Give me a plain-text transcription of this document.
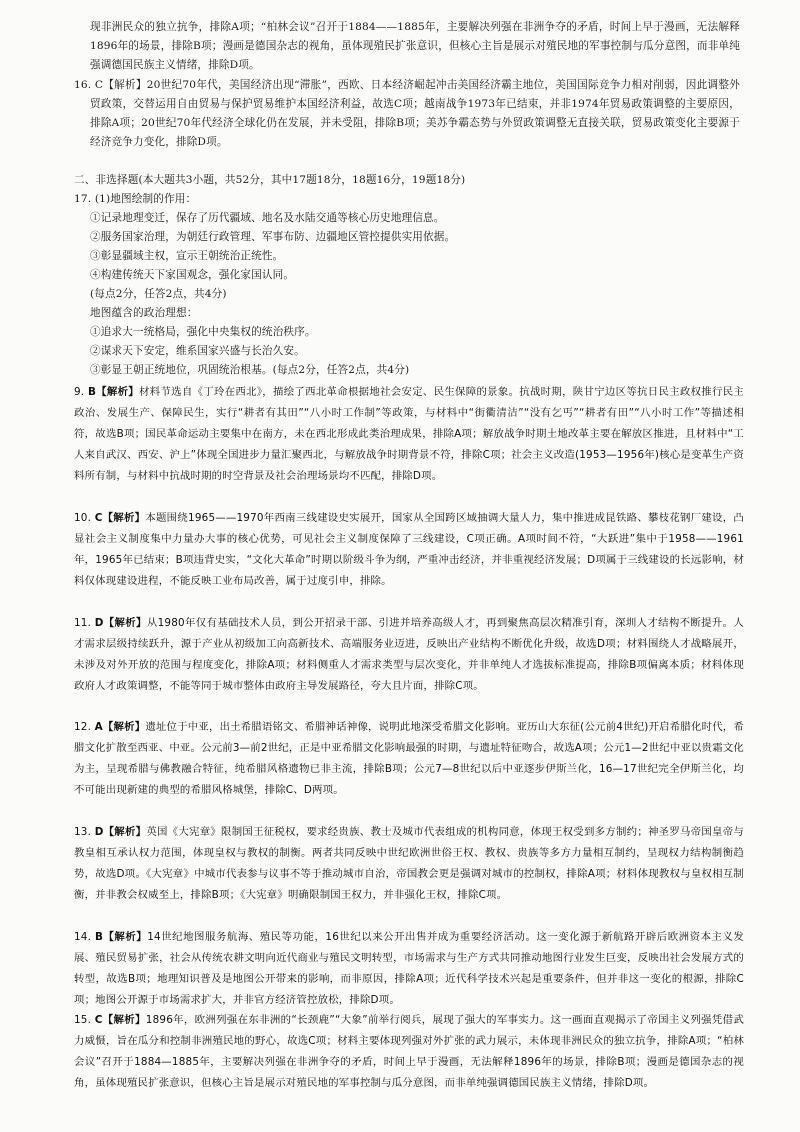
现非洲民众的独立抗争，排除A项；“柏林会议”召开于1884——1885年，主要解决列强在非洲争夺的矛盾，时间上早于漫画，无法解释1896年的场景，排除B项；漫画是德国杂志的视角，虽体现殖民扩张意识，但核心主旨是展示对殖民地的军事控制与瓜分意图，而非单纯强调德国民族主义情绪，排除D项。

16. C【解析】20世纪70年代，美国经济出现“滞胀”，西欧、日本经济崛起冲击美国经济霸主地位，美国国际竞争力相对削弱，因此调整外贸政策，交替运用自由贸易与保护贸易维护本国经济利益，故选C项；越南战争1973年已结束，并非1974年贸易政策调整的主要原因，排除A项；20世纪70年代经济全球化仍在发展，并未受阻，排除B项；美苏争霸态势与外贸政策调整无直接关联，贸易政策变化主要源于经济竞争力变化，排除D项。

二、非选择题(本大题共3小题，共52分，其中17题18分，18题16分，19题18分)

17. (1)地图绘制的作用：

①记录地理变迁，保存了历代疆域、地名及水陆交通等核心历史地理信息。

②服务国家治理，为朝廷行政管理、军事布防、边疆地区管控提供实用依据。

③彰显疆域主权，宣示王朝统治正统性。

④构建传统天下家国观念，强化家国认同。

(每点2分，任答2点，共4分)

地图蕴含的政治理想：

①追求大一统格局，强化中央集权的统治秩序。

②谋求天下安定，维系国家兴盛与长治久安。

③彰显王朝正统地位，巩固统治根基。(每点2分，任答2点，共4分)

9. B【解析】材料节选自《丁玲在西北》，描绘了西北革命根据地社会安定、民生保障的景象。抗战时期，陕甘宁边区等抗日民主政权推行民主政治、发展生产、保障民生，实行“耕者有其田”“八小时工作制”等政策，与材料中“街衢清洁”“没有乞丐”“耕者有田”“八小时工作”等描述相符，故选B项；国民革命运动主要集中在南方，未在西北形成此类治理成果，排除A项；解放战争时期土地改革主要在解放区推进，且材料中“工人来自武汉、西安、沪上”体现全国进步力量汇聚西北，与解放战争时期背景不符，排除C项；社会主义改造(1953—1956年)核心是变革生产资料所有制，与材料中抗战时期的时空背景及社会治理场景均不匹配，排除D项。
10. C【解析】本题围绕1965——1970年西南三线建设史实展开，国家从全国跨区域抽调大量人力，集中推进成昆铁路、攀枝花钢厂建设，凸显社会主义制度集中力量办大事的核心优势，可见社会主义制度保障了三线建设，C项正确。A项时间不符，“大跃进”集中于1958——1961年，1965年已结束；B项违背史实，“文化大革命”时期以阶级斗争为纲，严重冲击经济，并非重视经济发展；D项属于三线建设的长远影响，材料仅体现建设进程，不能反映工业布局改善，属于过度引申，排除。
11. D【解析】从1980年仅有基础技术人员，到公开招录干部、引进并培养高级人才，再到聚焦高层次精准引育，深圳人才结构不断提升。人才需求层级持续跃升，源于产业从初级加工向高新技术、高端服务业迈进，反映出产业结构不断优化升级，故选D项；材料围绕人才战略展开，未涉及对外开放的范围与程度变化，排除A项；材料侧重人才需求类型与层次变化，并非单纯人才选拔标准提高，排除B项偏离本质；材料体现政府人才政策调整，不能等同于城市整体由政府主导发展路径，夸大且片面，排除C项。
12. A【解析】遗址位于中亚，出土希腊语铭文、希腊神话神像，说明此地深受希腊文化影响。亚历山大东征(公元前4世纪)开启希腊化时代，希腊文化扩散至西亚、中亚。公元前3—前2世纪，正是中亚希腊文化影响最强的时期，与遗址特征吻合，故选A项；公元1—2世纪中亚以贵霜文化为主，呈现希腊与佛教融合特征，纯希腊风格遗物已非主流，排除B项；公元7—8世纪以后中亚逐步伊斯兰化，16—17世纪完全伊斯兰化，均不可能出现新建的典型的希腊风格城堡，排除C、D两项。
13. D【解析】英国《大宪章》限制国王征税权，要求经贵族、教士及城市代表组成的机构同意，体现王权受到多方制约；神圣罗马帝国皇帝与教皇相互承认权力范围，体现皇权与教权的制衡。两者共同反映中世纪欧洲世俗王权、教权、贵族等多方力量相互制约，呈现权力结构制衡趋势，故选D项。《大宪章》中城市代表参与议事不等于推动城市自治，帝国教会更是强调对城市的控制权，排除A项；材料体现教权与皇权相互制衡，并非教会权威至上，排除B项；《大宪章》明确限制国王权力，并非强化王权，排除C项。
14. B【解析】14世纪地图服务航海、殖民等功能，16世纪以来公开出售并成为重要经济活动。这一变化源于新航路开辟后欧洲资本主义发展、殖民贸易扩张，社会从传统农耕文明向近代商业与殖民文明转型，市场需求与生产方式共同推动地图行业发生巨变，反映出社会发展方式的转型，故选B项；地理知识普及是地图公开带来的影响，而非原因，排除A项；近代科学技术兴起是重要条件，但并非这一变化的根源，排除C项；地图公开源于市场需求扩大，并非官方经济管控放松，排除D项。
15. C【解析】1896年，欧洲列强在东非洲的“长颈鹿”“大象”前举行阅兵，展现了强大的军事实力。这一画面直观揭示了帝国主义列强凭借武力威慑，旨在瓜分和控制非洲殖民地的野心，故选C项；材料主要体现列强对外扩张的武力展示，未体现非洲民众的独立抗争，排除A项；“柏林会议”召开于1884—1885年，主要解决列强在非洲争夺的矛盾，时间上早于漫画，无法解释1896年的场景，排除B项；漫画是德国杂志的视角，虽体现殖民扩张意识，但核心主旨是展示对殖民地的军事控制与瓜分意图，而非单纯强调德国民族主义情绪，排除D项。
